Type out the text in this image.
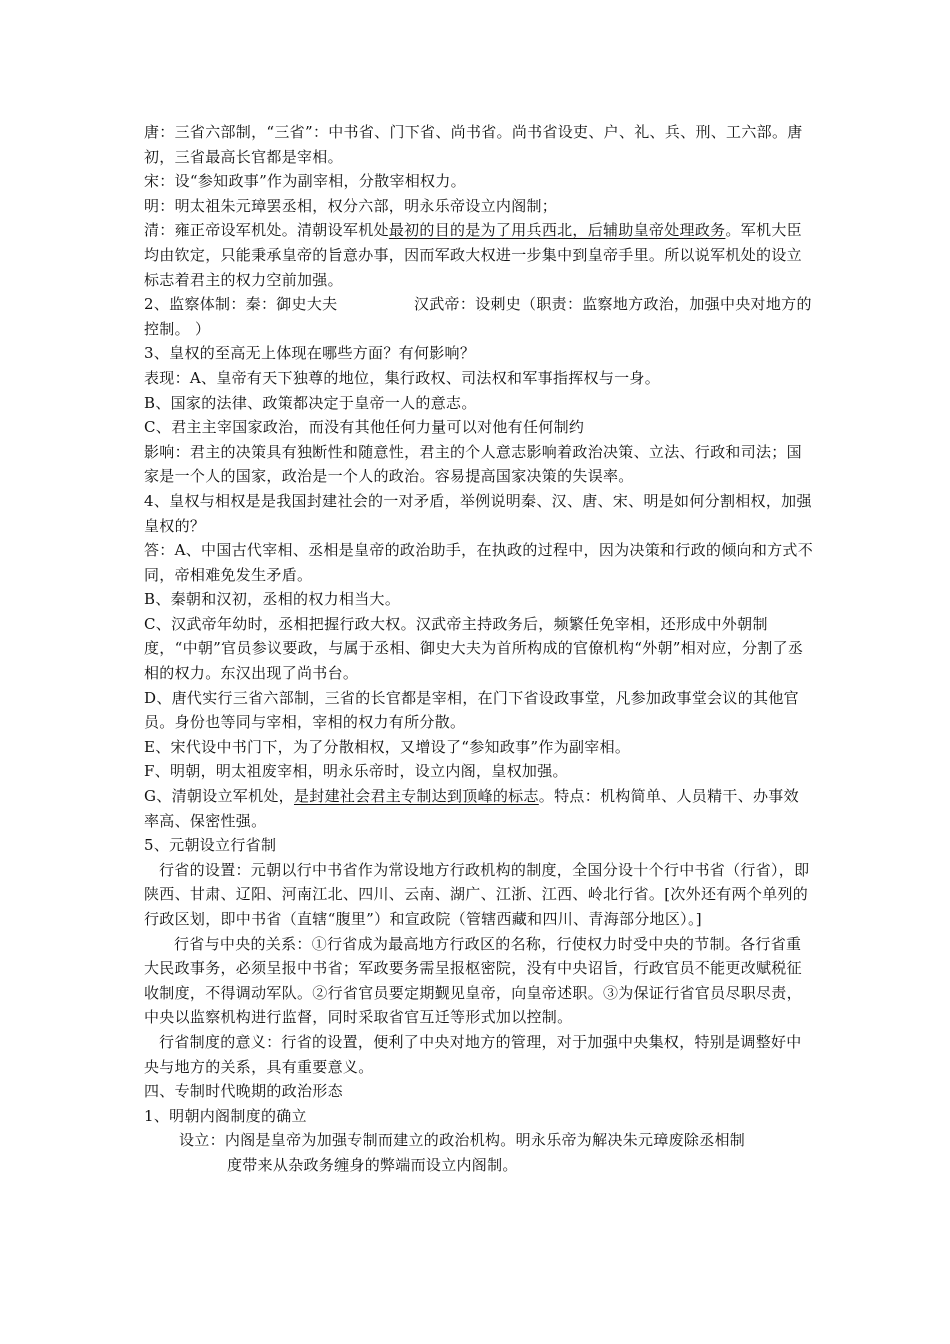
唐：三省六部制，“三省”：中书省、门下省、尚书省。尚书省设吏、户、礼、兵、刑、工六部。唐初，三省最高长官都是宰相。

宋：设“参知政事”作为副宰相，分散宰相权力。

明：明太祖朱元璋罢丞相，权分六部，明永乐帝设立内阁制；

清：雍正帝设军机处。清朝设军机处最初的目的是为了用兵西北，后辅助皇帝处理政务。军机大臣均由钦定，只能秉承皇帝的旨意办事，因而军政大权进一步集中到皇帝手里。所以说军机处的设立标志着君主的权力空前加强。

2、监察体制：秦：御史大夫　　　　　汉武帝：设刺史（职责：监察地方政治，加强中央对地方的控制。 ）

3、皇权的至高无上体现在哪些方面？有何影响？

表现：A、皇帝有天下独尊的地位，集行政权、司法权和军事指挥权与一身。

B、国家的法律、政策都决定于皇帝一人的意志。

C、君主主宰国家政治，而没有其他任何力量可以对他有任何制约

影响：君主的决策具有独断性和随意性，君主的个人意志影响着政治决策、立法、行政和司法；国家是一个人的国家，政治是一个人的政治。容易提高国家决策的失误率。

4、皇权与相权是是我国封建社会的一对矛盾，举例说明秦、汉、唐、宋、明是如何分割相权，加强皇权的？

答：A、中国古代宰相、丞相是皇帝的政治助手，在执政的过程中，因为决策和行政的倾向和方式不同，帝相难免发生矛盾。

B、秦朝和汉初，丞相的权力相当大。

C、汉武帝年幼时，丞相把握行政大权。汉武帝主持政务后，频繁任免宰相，还形成中外朝制度，“中朝”官员参议要政，与属于丞相、御史大夫为首所构成的官僚机构“外朝”相对应，分割了丞相的权力。东汉出现了尚书台。

D、唐代实行三省六部制，三省的长官都是宰相，在门下省设政事堂，凡参加政事堂会议的其他官员。身份也等同与宰相，宰相的权力有所分散。

E、宋代设中书门下，为了分散相权，又增设了“参知政事”作为副宰相。

F、明朝，明太祖废宰相，明永乐帝时，设立内阁，皇权加强。

G、清朝设立军机处，是封建社会君主专制达到顶峰的标志。特点：机构简单、人员精干、办事效率高、保密性强。

5、元朝设立行省制

行省的设置：元朝以行中书省作为常设地方行政机构的制度，全国分设十个行中书省（行省），即陕西、甘肃、辽阳、河南江北、四川、云南、湖广、江浙、江西、岭北行省。[次外还有两个单列的行政区划，即中书省（直辖“腹里”）和宣政院（管辖西藏和四川、青海部分地区）。]

行省与中央的关系：①行省成为最高地方行政区的名称，行使权力时受中央的节制。各行省重大民政事务，必须呈报中书省；军政要务需呈报枢密院，没有中央诏旨，行政官员不能更改赋税征收制度，不得调动军队。②行省官员要定期觐见皇帝，向皇帝述职。③为保证行省官员尽职尽责，中央以监察机构进行监督，同时采取省官互迁等形式加以控制。

行省制度的意义：行省的设置，便利了中央对地方的管理，对于加强中央集权，特别是调整好中央与地方的关系，具有重要意义。

四、专制时代晚期的政治形态

1、明朝内阁制度的确立

设立：内阁是皇帝为加强专制而建立的政治机构。明永乐帝为解决朱元璋废除丞相制
度带来从杂政务缠身的弊端而设立内阁制。
